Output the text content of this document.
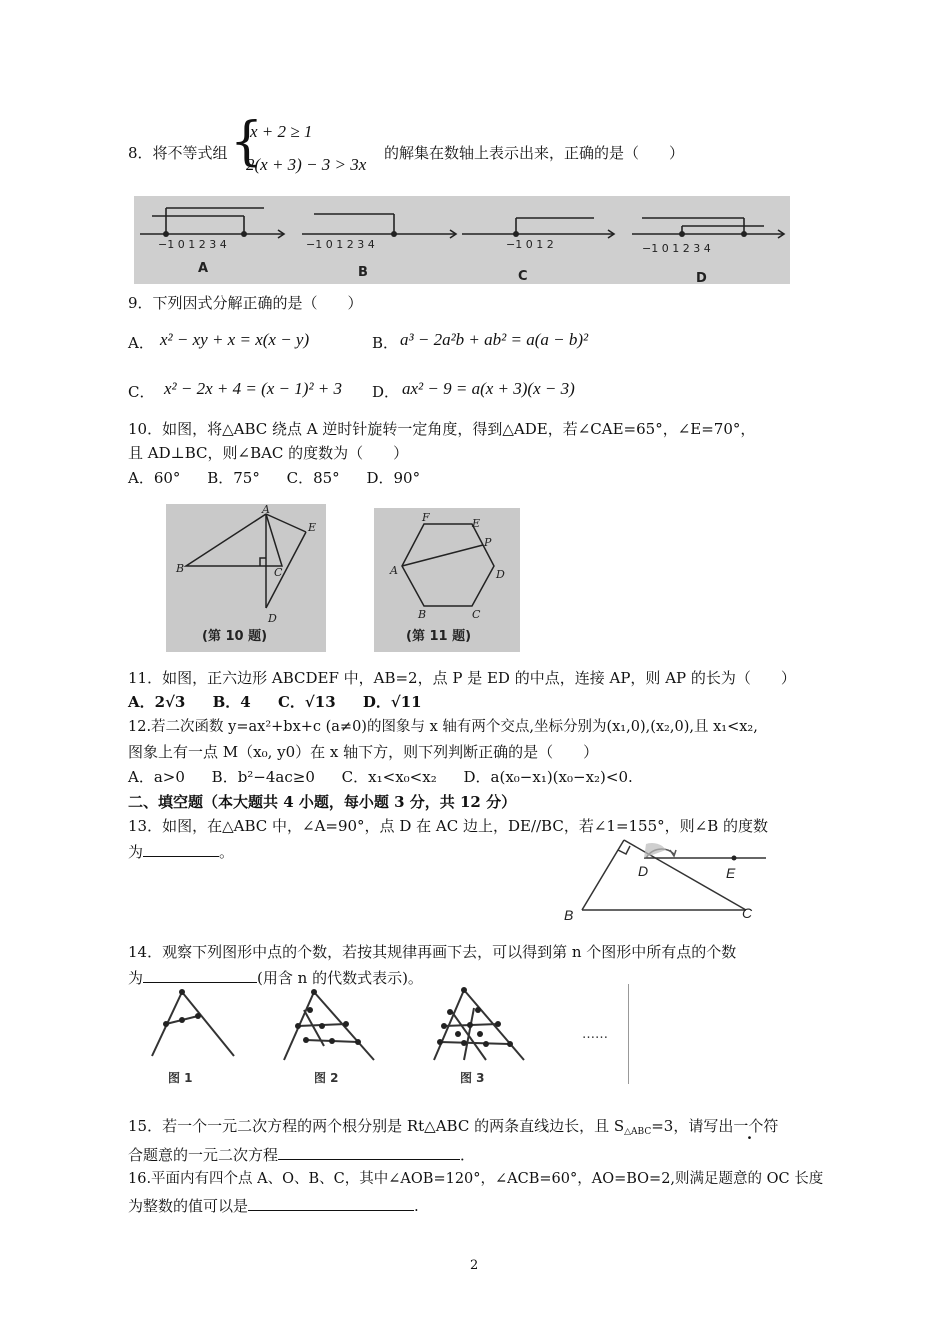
8．将不等式组 {
x + 2 ≥ 1
2(x + 3) − 3 > 3x
的解集在数轴上表示出来，正确的是（　　）
−1 0 1 2 3 4	−1 0 1 2 3 4	−1 0 1 2	−1 0 1 2 3 4
A	B	C	D
9．下列因式分解正确的是（　　）
A． x² − xy + x = x(x − y)	B． a³ − 2a²b + ab² = a(a − b)²
C． x² − 2x + 4 = (x − 1)² + 3 D． ax² − 9 = a(x + 3)(x − 3)
10．如图，将△ABC 绕点 A 逆时针旋转一定角度，得到△ADE，若∠CAE=65°，∠E=70°，
且 AD⊥BC，则∠BAC 的度数为（　　）
A．60° B．75° C．85° D．90°
A
E
B	C
D
(第 10 题)
F	E
P
A	D
B	C
(第 11 题)
11．如图，正六边形 ABCDEF 中，AB=2，点 P 是 ED 的中点，连接 AP，则 AP 的长为（　　）
A．2√3 B．4 C．√13 D．√11
12.若二次函数 y=ax²+bx+c (a≠0)的图象与 x 轴有两个交点,坐标分别为(x₁,0),(x₂,0),且 x₁<x₂,
图象上有一点 M（x₀, y0）在 x 轴下方，则下列判断正确的是（　　）
A．a>0 B．b²−4ac≥0 C．x₁<x₀<x₂ D．a(x₀−x₁)(x₀−x₂)<0.
二、填空题（本大题共 4 小题，每小题 3 分，共 12 分）
13．如图，在△ABC 中，∠A=90°，点 D 在 AC 边上，DE//BC，若∠1=155°，则∠B 的度数
为	。
D	E
B	C
14．观察下列图形中点的个数，若按其规律再画下去，可以得到第 n 个图形中所有点的个数
为	(用含 n 的代数式表示)。
……
图 1	图 2	图 3
15．若一个一元二次方程的两个根分别是 Rt△ABC 的两条直线边长，且 $S_{\triangle ABC}=3$，请写出一个符
合题意的一元二次方程	．
16.平面内有四个点 A、O、B、C，其中∠AOB=120°，∠ACB=60°，AO=BO=2,则满足题意的 OC 长度
为整数的值可以是	.
2
